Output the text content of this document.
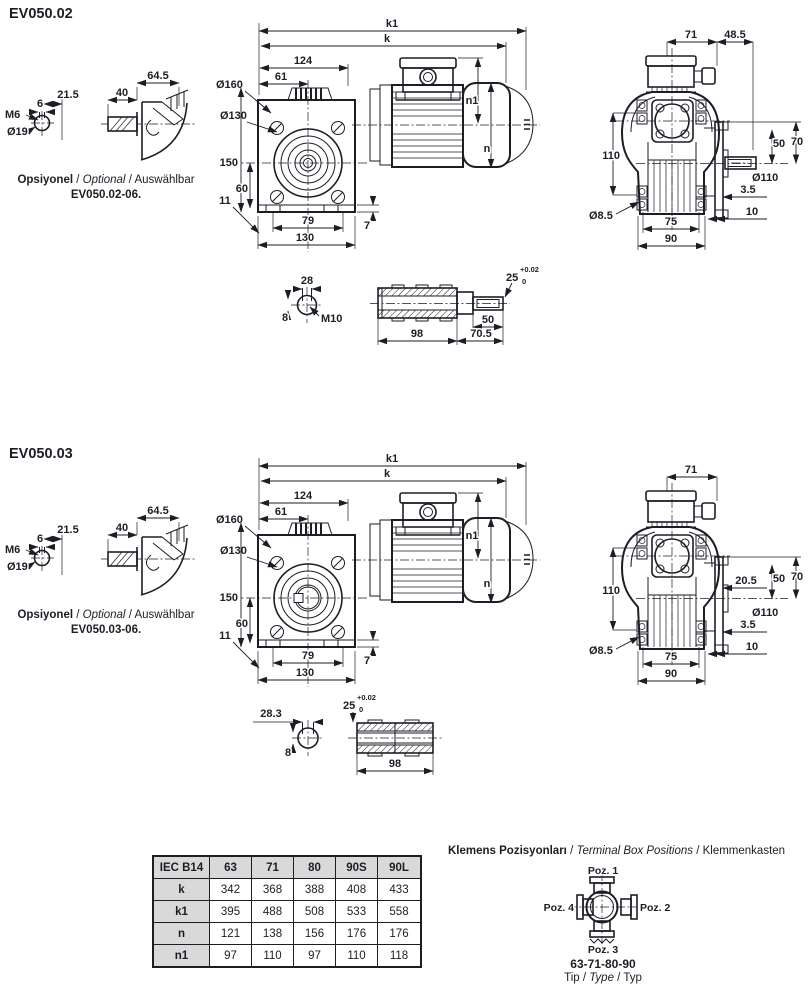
48.5
28
8	M10	50
98	70.5
25
+0.02
0
20.5
28.3
8
98
25
+0.02
0
Poz. 1
Poz. 2
Poz. 3
Poz. 4
EV050.02
EV050.03
Opsiyonel / Optional / Auswählbar
EV050.02-06.
Opsiyonel / Optional / Auswählbar
EV050.03-06.
IEC B14	63	71	80	90S	90L
k	342	368	388	408	433
k1	395	488	508	533	558
n	121	138	156	176	176
n1	97	110	97	110	118
Klemens Pozisyonları / Terminal Box Positions / Klemmenkasten
63-71-80-90
Tip / Type / Typ
